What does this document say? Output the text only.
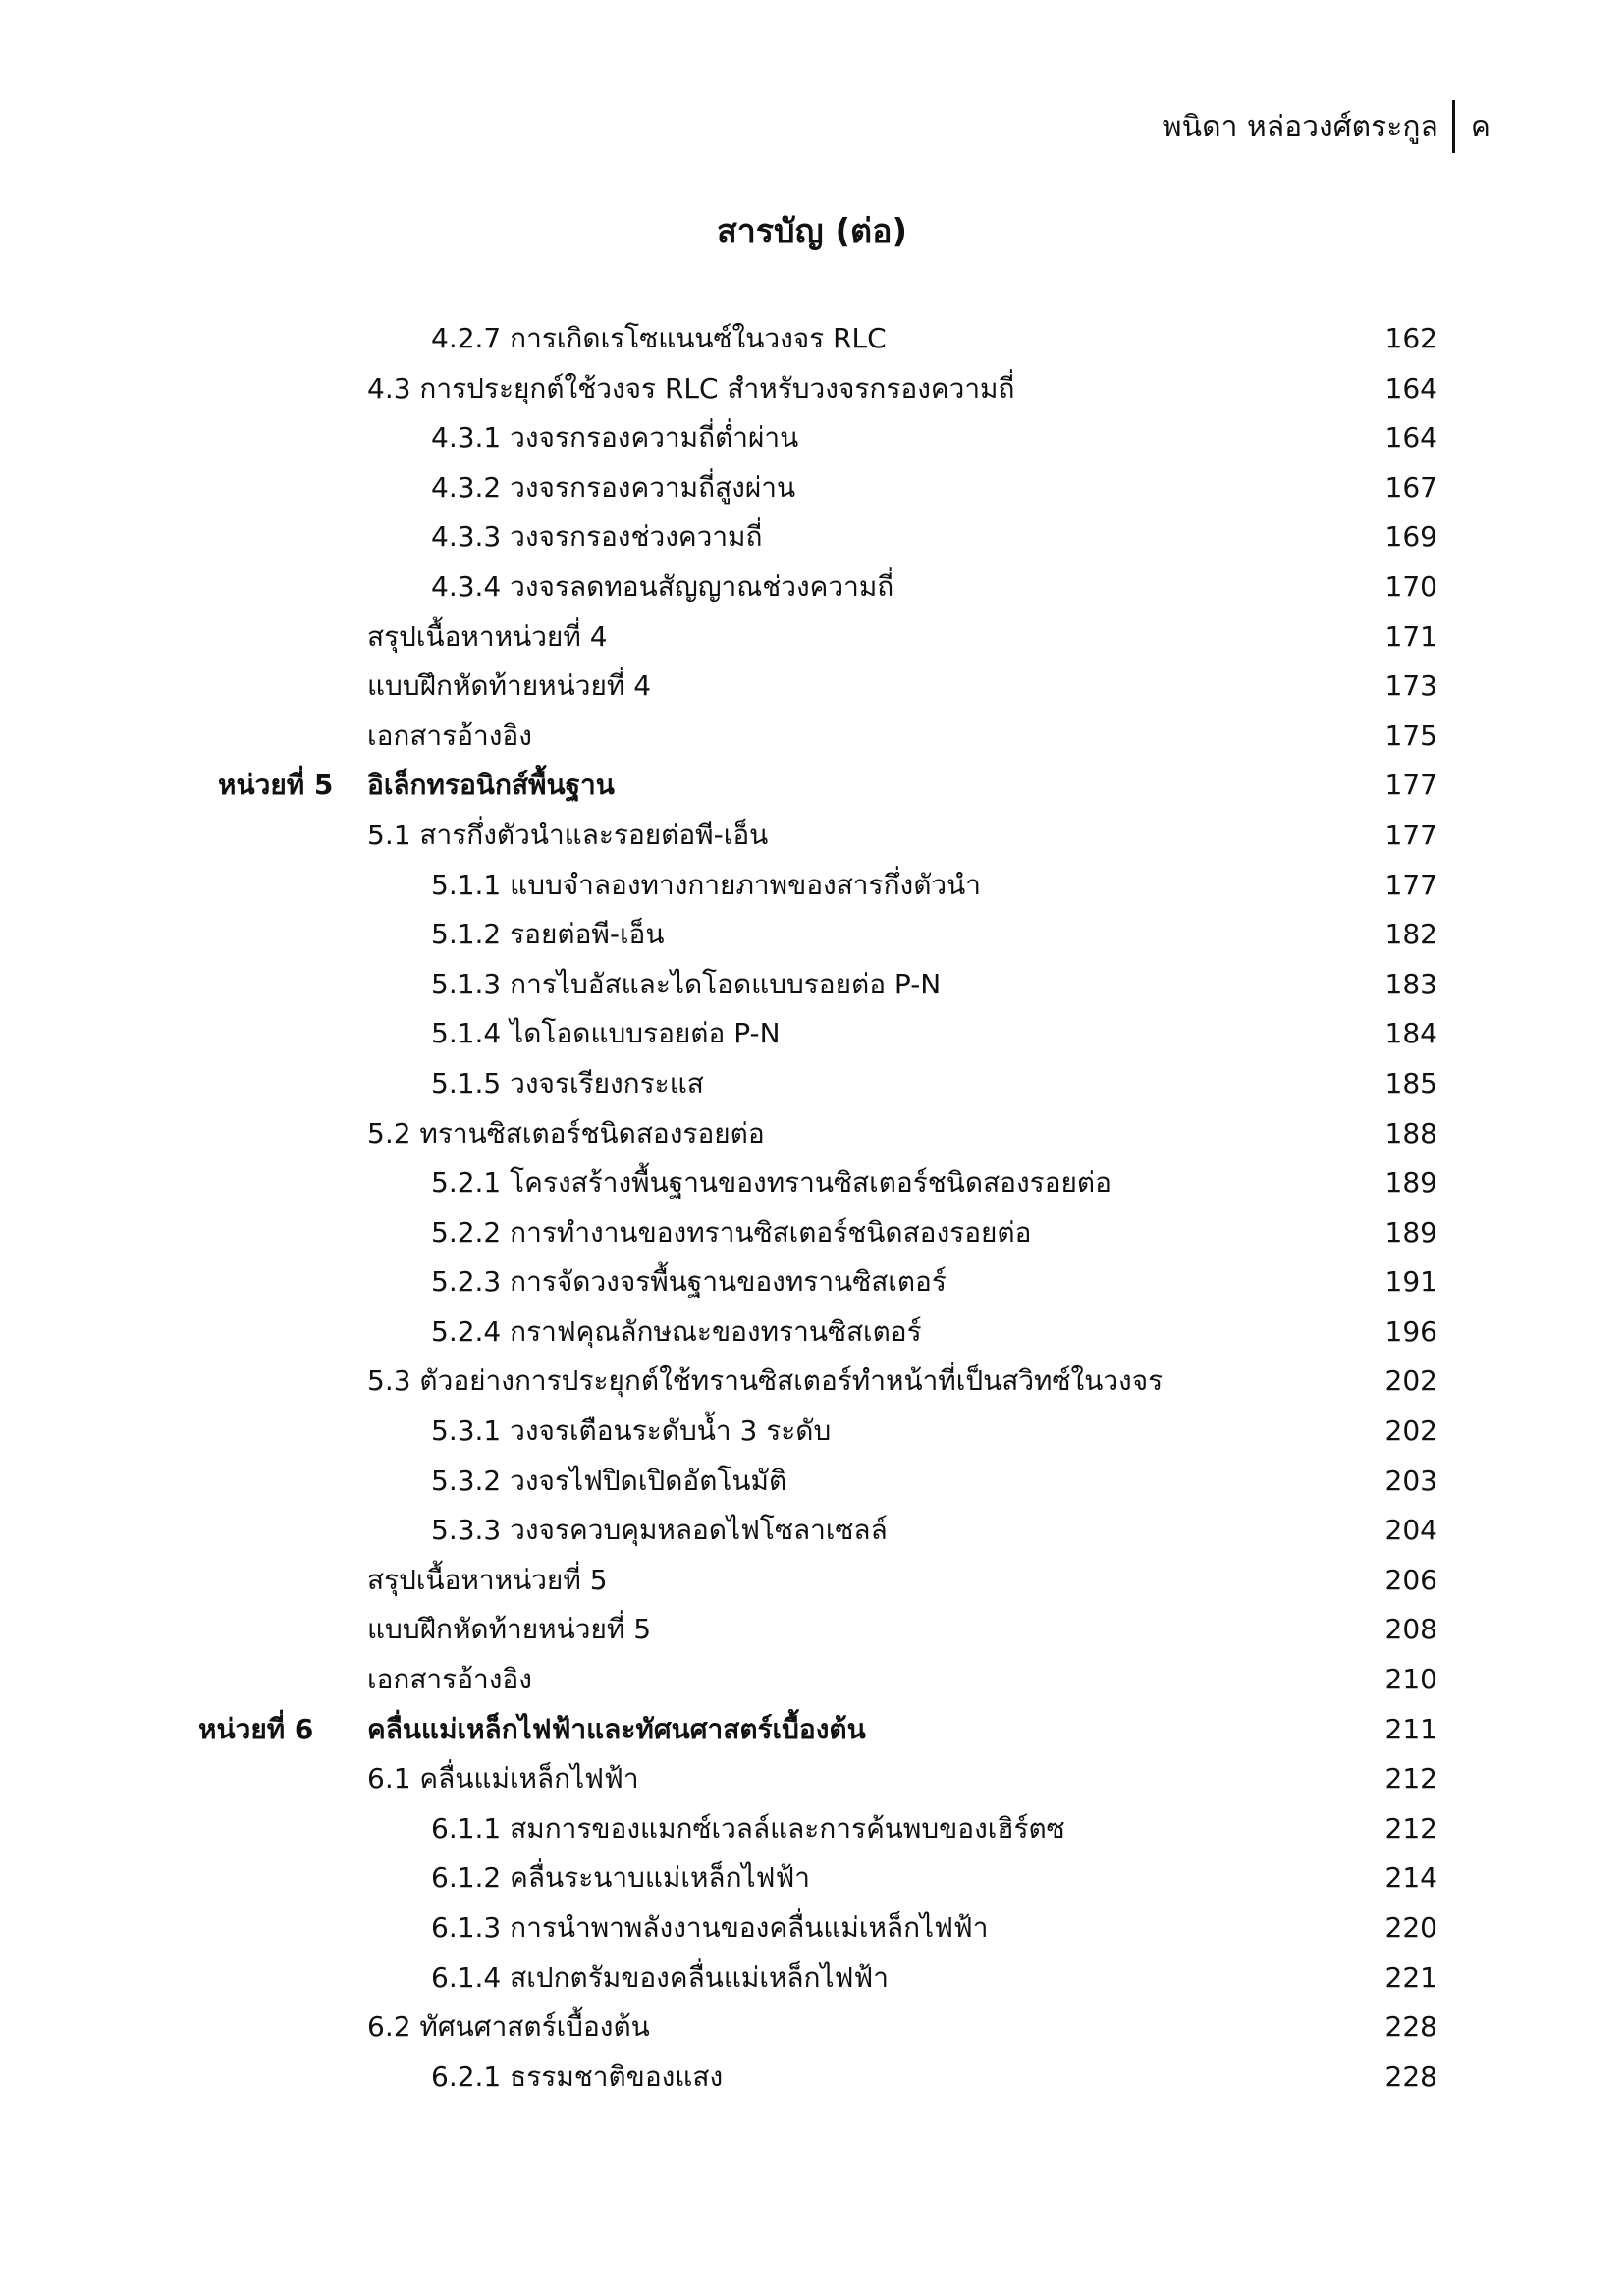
พนิดา หล่อวงศ์ตระกูล	ค
สารบัญ (ต่อ)
4.2.7 การเกิดเรโซแนนซ์ในวงจร RLC	162
4.3 การประยุกต์ใช้วงจร RLC สำหรับวงจรกรองความถี่	164
4.3.1 วงจรกรองความถี่ต่ำผ่าน	164
4.3.2 วงจรกรองความถี่สูงผ่าน	167
4.3.3 วงจรกรองช่วงความถี่	169
4.3.4 วงจรลดทอนสัญญาณช่วงความถี่	170
สรุปเนื้อหาหน่วยที่ 4	171
แบบฝึกหัดท้ายหน่วยที่ 4	173
เอกสารอ้างอิง	175
หน่วยที่ 5 อิเล็กทรอนิกส์พื้นฐาน	177
5.1 สารกึ่งตัวนำและรอยต่อพี-เอ็น	177
5.1.1 แบบจำลองทางกายภาพของสารกึ่งตัวนำ	177
5.1.2 รอยต่อพี-เอ็น	182
5.1.3 การไบอัสและไดโอดแบบรอยต่อ P-N	183
5.1.4 ไดโอดแบบรอยต่อ P-N	184
5.1.5 วงจรเรียงกระแส	185
5.2 ทรานซิสเตอร์ชนิดสองรอยต่อ	188
5.2.1 โครงสร้างพื้นฐานของทรานซิสเตอร์ชนิดสองรอยต่อ	189
5.2.2 การทำงานของทรานซิสเตอร์ชนิดสองรอยต่อ	189
5.2.3 การจัดวงจรพื้นฐานของทรานซิสเตอร์	191
5.2.4 กราฟคุณลักษณะของทรานซิสเตอร์	196
5.3 ตัวอย่างการประยุกต์ใช้ทรานซิสเตอร์ทำหน้าที่เป็นสวิทซ์ในวงจร	202
5.3.1 วงจรเตือนระดับน้ำ 3 ระดับ	202
5.3.2 วงจรไฟปิดเปิดอัตโนมัติ	203
5.3.3 วงจรควบคุมหลอดไฟโซลาเซลล์	204
สรุปเนื้อหาหน่วยที่ 5	206
แบบฝึกหัดท้ายหน่วยที่ 5	208
เอกสารอ้างอิง	210
หน่วยที่ 6 คลื่นแม่เหล็กไฟฟ้าและทัศนศาสตร์เบื้องต้น	211
6.1 คลื่นแม่เหล็กไฟฟ้า	212
6.1.1 สมการของแมกซ์เวลล์และการค้นพบของเฮิร์ตซ	212
6.1.2 คลื่นระนาบแม่เหล็กไฟฟ้า	214
6.1.3 การนำพาพลังงานของคลื่นแม่เหล็กไฟฟ้า	220
6.1.4 สเปกตรัมของคลื่นแม่เหล็กไฟฟ้า	221
6.2 ทัศนศาสตร์เบื้องต้น	228
6.2.1 ธรรมชาติของแสง	228
